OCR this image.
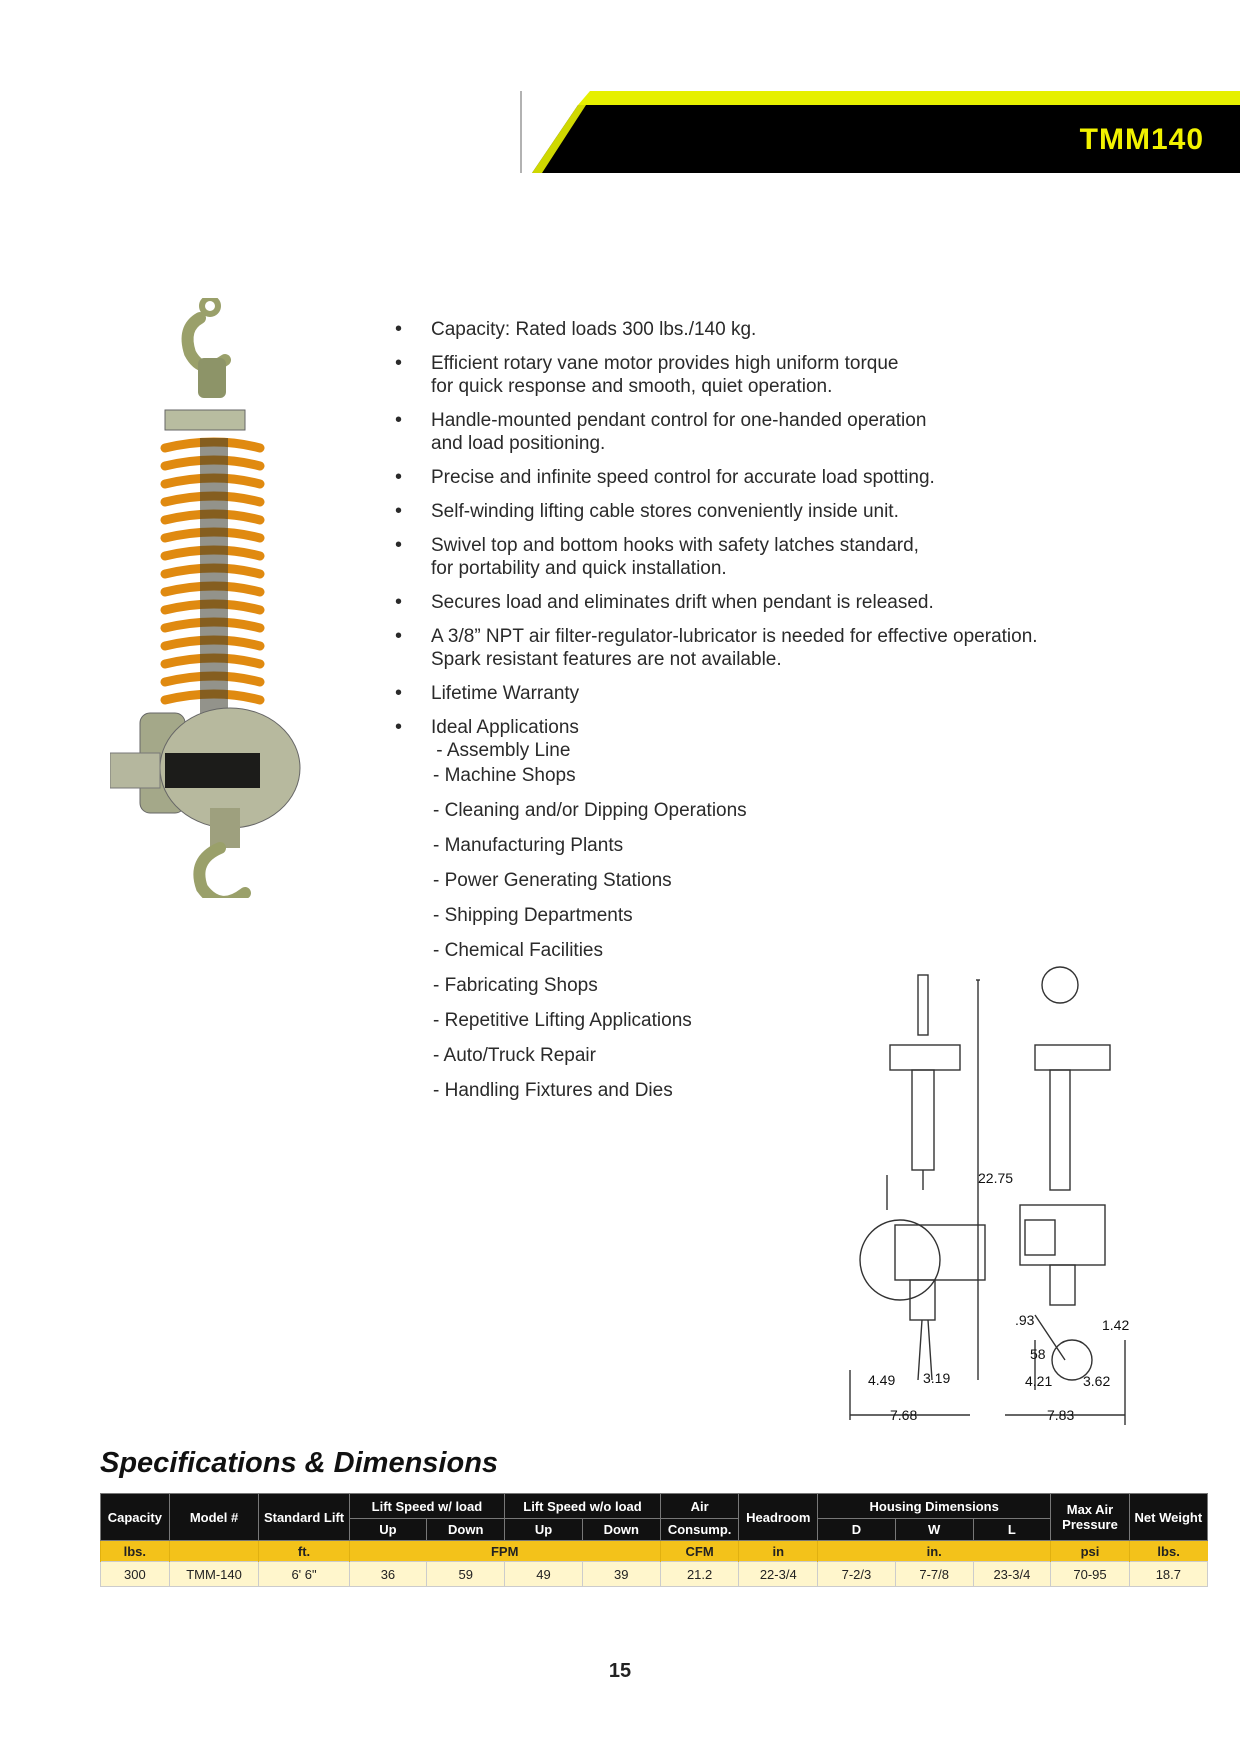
TMM140
• Capacity: Rated loads 300 lbs./140 kg.
• Efficient rotary vane motor provides high uniform torque
for quick response and smooth, quiet operation.
• Handle-mounted pendant control for one-handed operation
and load positioning.
• Precise and infinite speed control for accurate load spotting.
• Self-winding lifting cable stores conveniently inside unit.
• Swivel top and bottom hooks with safety latches standard,
for portability and quick installation.
• Secures load and eliminates drift when pendant is released.
• A 3/8” NPT air filter-regulator-lubricator is needed for effective operation.
Spark resistant features are not available.
• Lifetime Warranty
• Ideal Applications
- Assembly Line
- Machine Shops
- Cleaning and/or Dipping Operations
- Manufacturing Plants
- Power Generating Stations
- Shipping Departments
- Chemical Facilities
- Fabricating Shops
- Repetitive Lifting Applications
- Auto/Truck Repair
- Handling Fixtures and Dies
22.75
4.49 3.19
7.68
.93	1.42
58
4.21 3.62
7.83
Specifications & Dimensions
Capacity	Model #	Standard Lift	Lift Speed w/ load		Lift Speed w/o load		Air	Headroom	Housing Dimensions			Max Air Pressure	Net Weight
			Up	Down	Up	Down	Consump.		D	W	L		
lbs.		ft.	FPM				CFM	in	in.			psi	lbs.
300	TMM-140	6' 6"	36	59	49	39	21.2	22-3/4	7-2/3	7-7/8	23-3/4	70-95	18.7
15
